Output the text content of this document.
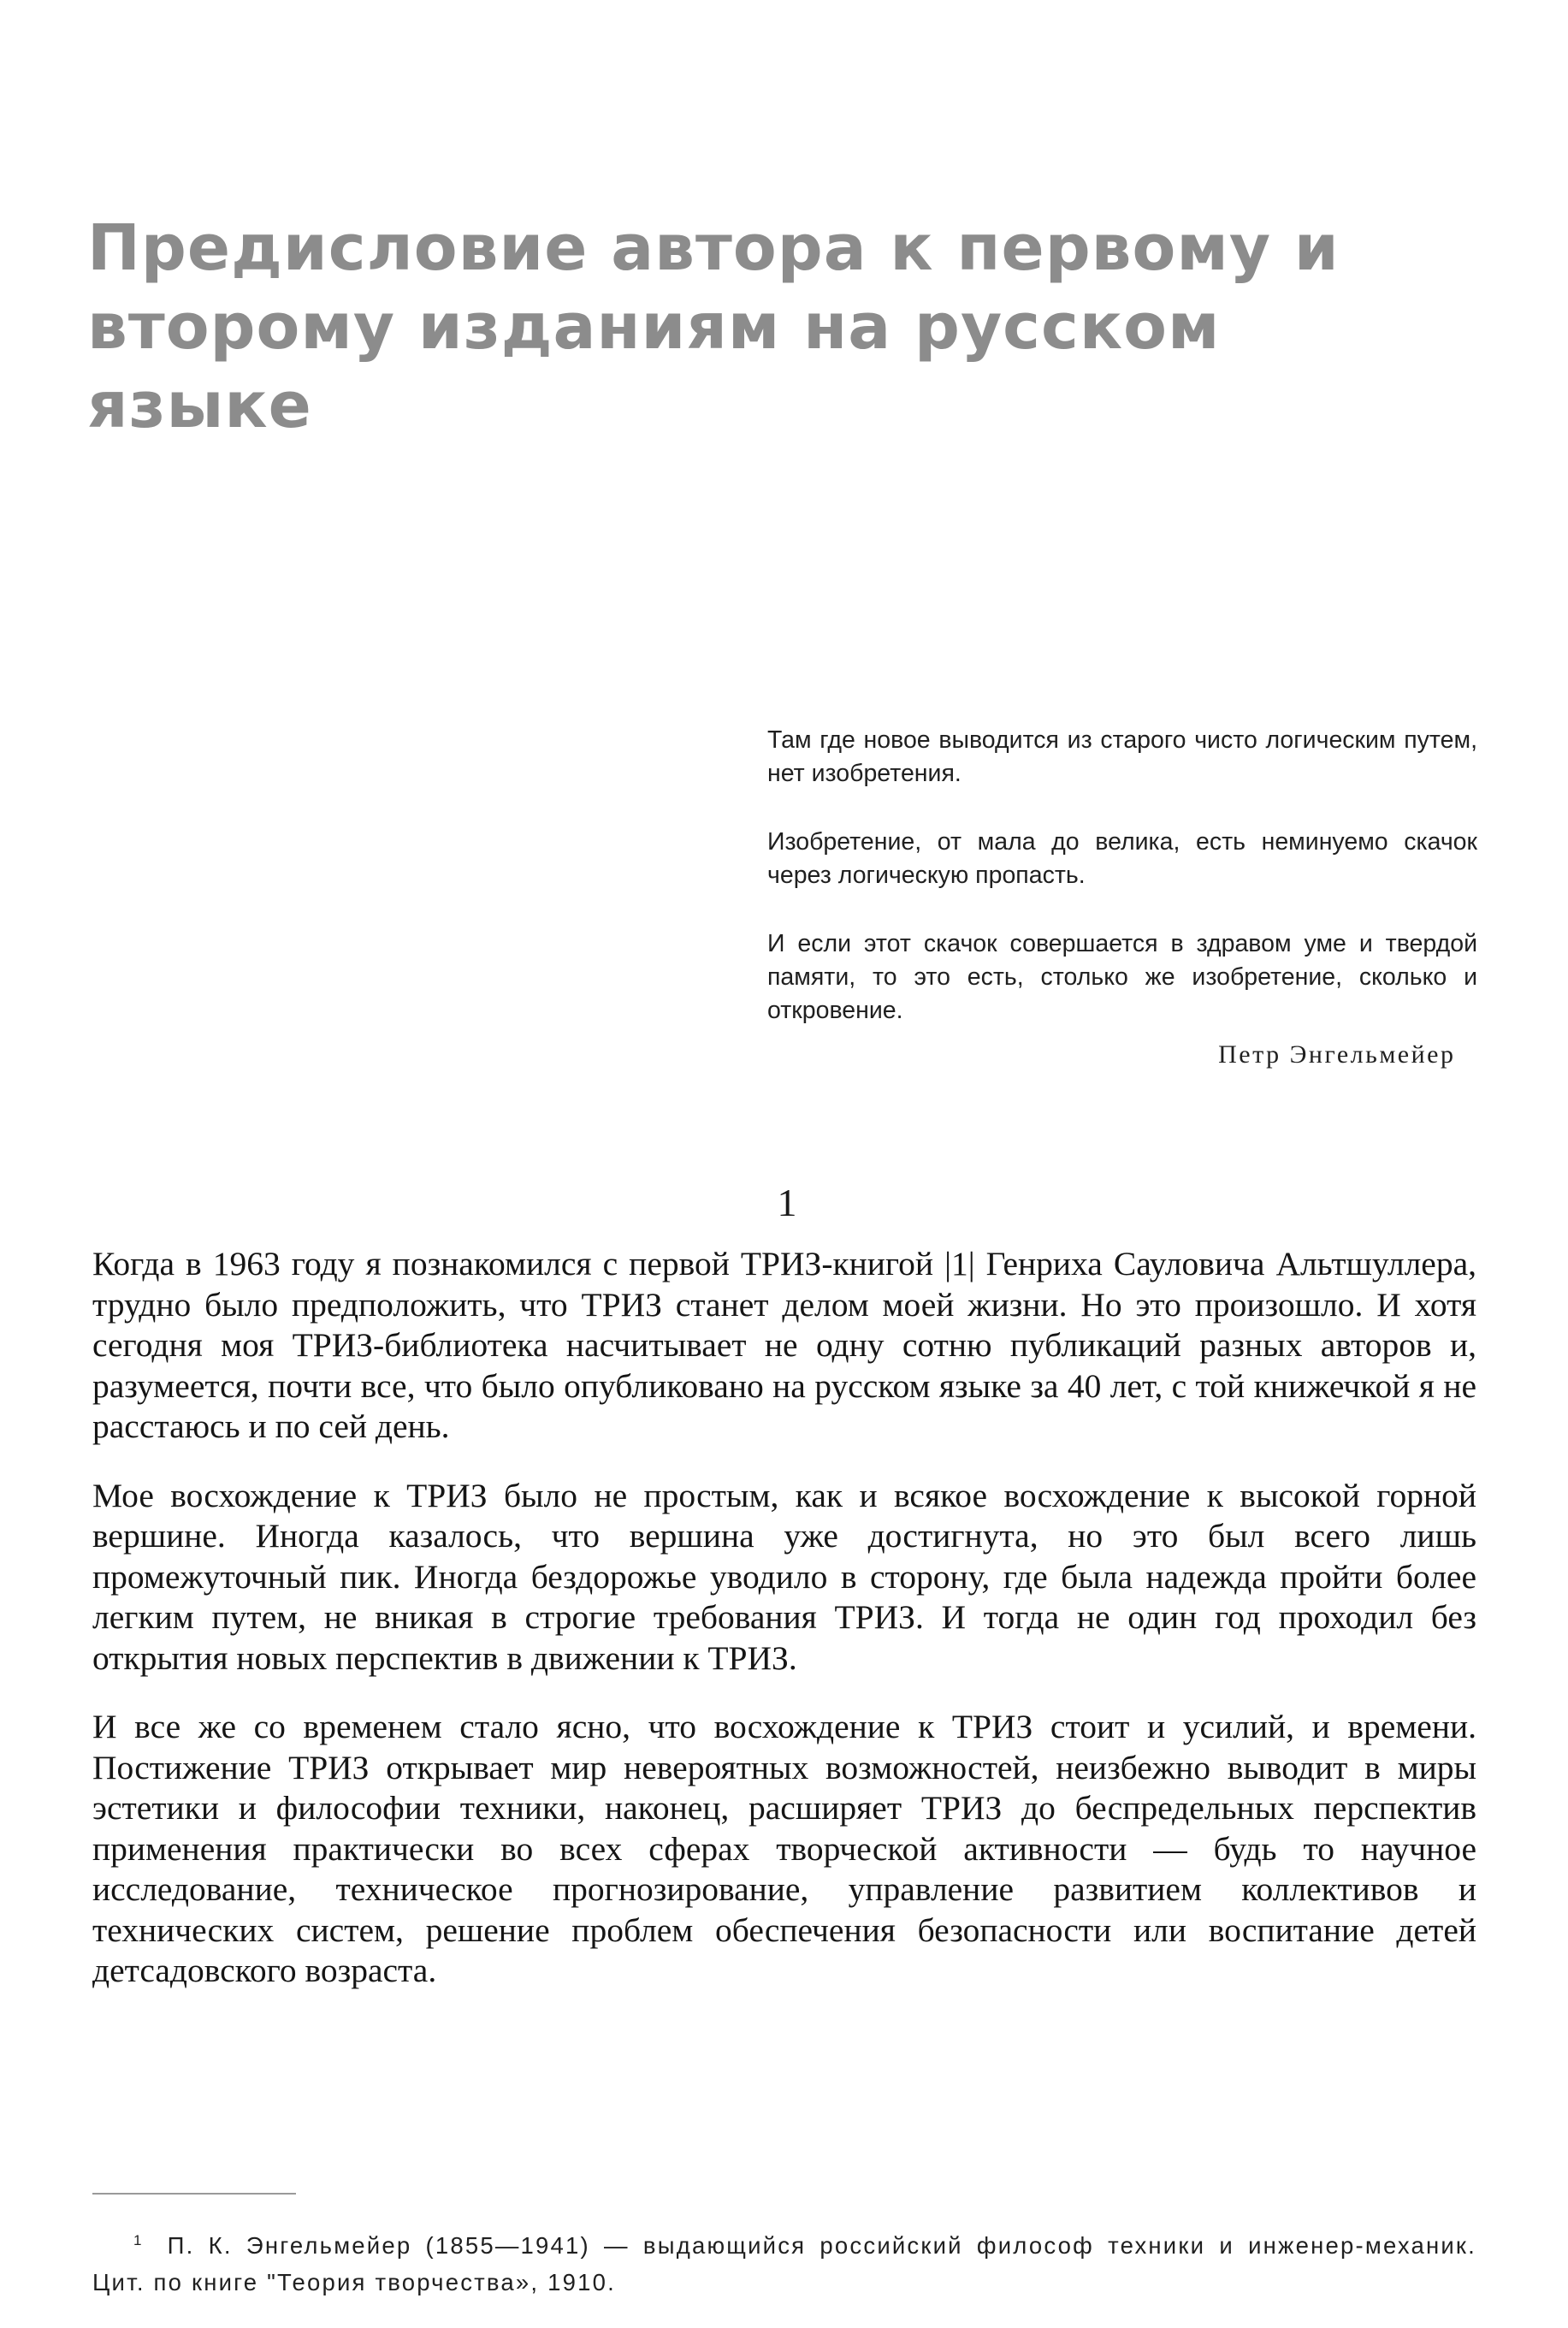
Предисловие автора к первому и второму изданиям на русском языке

Там где новое выводится из старого чисто логическим путем, нет изобретения.

Изобретение, от мала до велика, есть неминуемо скачок через логическую пропасть.

И если этот скачок совершается в здравом уме и твердой памяти, то это есть, столько же изобретение, сколько и откровение.

Петр Энгельмейер$^1$
1

Когда в 1963 году я познакомился с первой ТРИЗ-книгой |1| Генриха Сауловича Альтшуллера, трудно было предположить, что ТРИЗ станет делом моей жизни. Но это произошло. И хотя сегодня моя ТРИЗ-библиотека насчитывает не одну сотню публикаций разных авторов и, разумеется, почти все, что было опубликовано на русском языке за 40 лет, с той книжечкой я не расстаюсь и по сей день.

Мое восхождение к ТРИЗ было не простым, как и всякое восхождение к высокой горной вершине. Иногда казалось, что вершина уже достигнута, но это был всего лишь промежуточный пик. Иногда бездорожье уводило в сторону, где была надежда пройти более легким путем, не вникая в строгие требования ТРИЗ. И тогда не один год проходил без открытия новых перспектив в движении к ТРИЗ.

И все же со временем стало ясно, что восхождение к ТРИЗ стоит и усилий, и времени. Постижение ТРИЗ открывает мир невероятных возможностей, неизбежно выводит в миры эстетики и философии техники, наконец, расширяет ТРИЗ до беспредельных перспектив применения практически во всех сферах творческой активности — будь то научное исследование, техническое прогнозирование, управление развитием коллективов и технических систем, решение проблем обеспечения безопасности или воспитание детей детсадовского возраста.

$^1$ П. К. Энгельмейер (1855—1941) — выдающийся российский философ техники и инженер-механик. Цит. по книге "Теория творчества», 1910.
